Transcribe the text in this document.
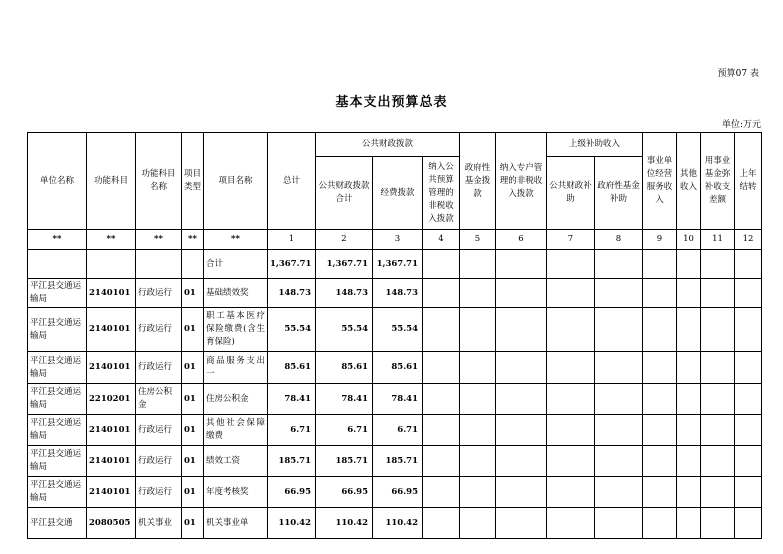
预算07 表
基本支出预算总表
单位:万元
单位名称	功能科目	功能科目名称	项目类型	项目名称	总计	公共财政拨款			政府性基金拨款	纳入专户管理的非税收入拨款	上级补助收入		事业单位经营服务收入	其他收入	用事业基金弥补收支差额	上年结转
						公共财政拨款合计	经费拨款	纳入公共预算管理的非税收入拨款			公共财政补助	政府性基金补助				
**	**	**	**	**	1	2	3	4	5	6	7	8	9	10	11	12
				合计	1,367.71	1,367.71	1,367.71									
平江县交通运输局	2140101	行政运行	01	基础绩效奖	148.73	148.73	148.73									
平江县交通运输局	2140101	行政运行	01	职工基本医疗保险缴费(含生育保险)	55.54	55.54	55.54									
平江县交通运输局	2140101	行政运行	01	商品服务支出一	85.61	85.61	85.61									
平江县交通运输局	2210201	住房公积金	01	住房公积金	78.41	78.41	78.41									
平江县交通运输局	2140101	行政运行	01	其他社会保障缴费	6.71	6.71	6.71									
平江县交通运输局	2140101	行政运行	01	绩效工资	185.71	185.71	185.71									
平江县交通运输局	2140101	行政运行	01	年度考核奖	66.95	66.95	66.95									
平江县交通	2080505	机关事业	01	机关事业单	110.42	110.42	110.42									
